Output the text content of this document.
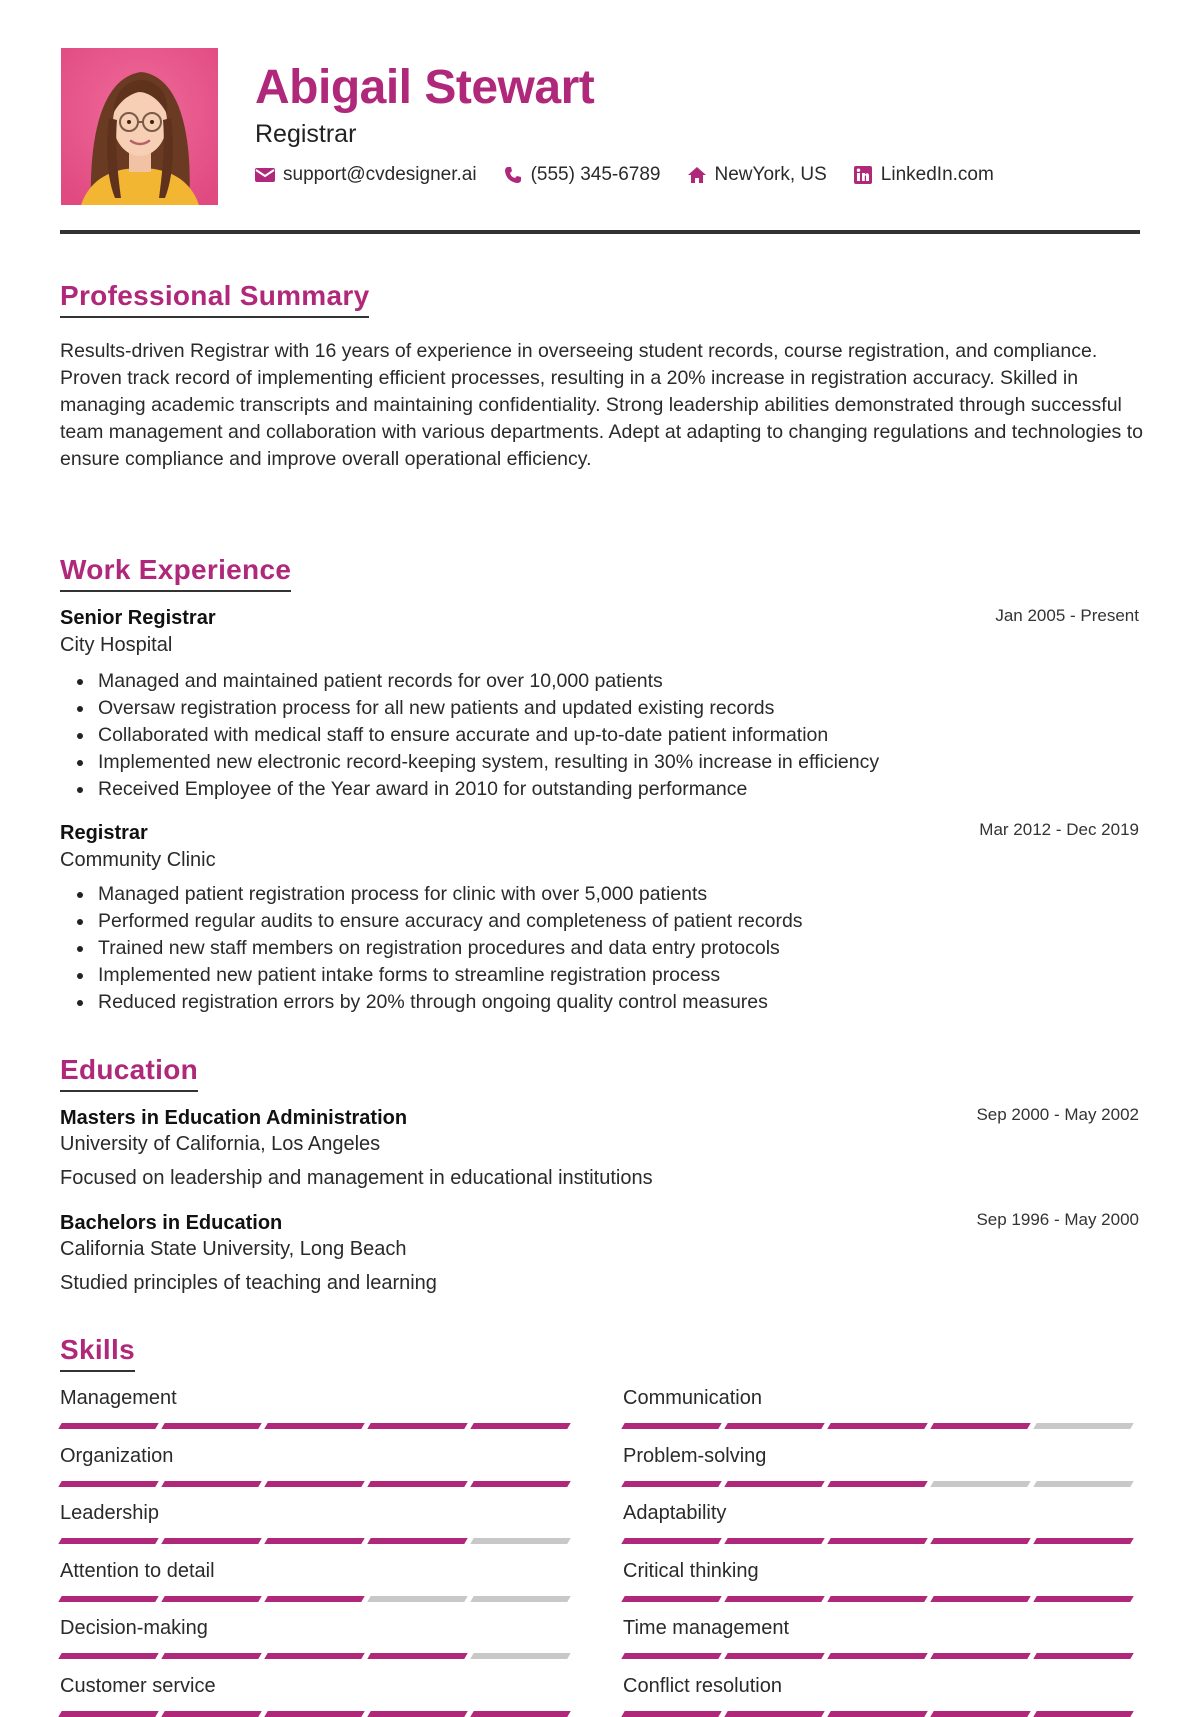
Abigail Stewart
Registrar
support@cvdesigner.ai	(555) 345-6789	NewYork, US	LinkedIn.com
Professional Summary
Results-driven Registrar with 16 years of experience in overseeing student records, course registration, and compliance. Proven track record of implementing efficient processes, resulting in a 20% increase in registration accuracy. Skilled in managing academic transcripts and maintaining confidentiality. Strong leadership abilities demonstrated through successful team management and collaboration with various departments. Adept at adapting to changing regulations and technologies to ensure compliance and improve overall operational efficiency.
Work Experience
Senior Registrar	Jan 2005 - Present
City Hospital
Managed and maintained patient records for over 10,000 patients
Oversaw registration process for all new patients and updated existing records
Collaborated with medical staff to ensure accurate and up-to-date patient information
Implemented new electronic record-keeping system, resulting in 30% increase in efficiency
Received Employee of the Year award in 2010 for outstanding performance
Registrar	Mar 2012 - Dec 2019
Community Clinic
Managed patient registration process for clinic with over 5,000 patients
Performed regular audits to ensure accuracy and completeness of patient records
Trained new staff members on registration procedures and data entry protocols
Implemented new patient intake forms to streamline registration process
Reduced registration errors by 20% through ongoing quality control measures
Education
Masters in Education Administration	Sep 2000 - May 2002
University of California, Los Angeles
Focused on leadership and management in educational institutions
Bachelors in Education	Sep 1996 - May 2000
California State University, Long Beach
Studied principles of teaching and learning
Skills
Management	Communication
Organization	Problem-solving
Leadership	Adaptability
Attention to detail	Critical thinking
Decision-making	Time management
Customer service	Conflict resolution
